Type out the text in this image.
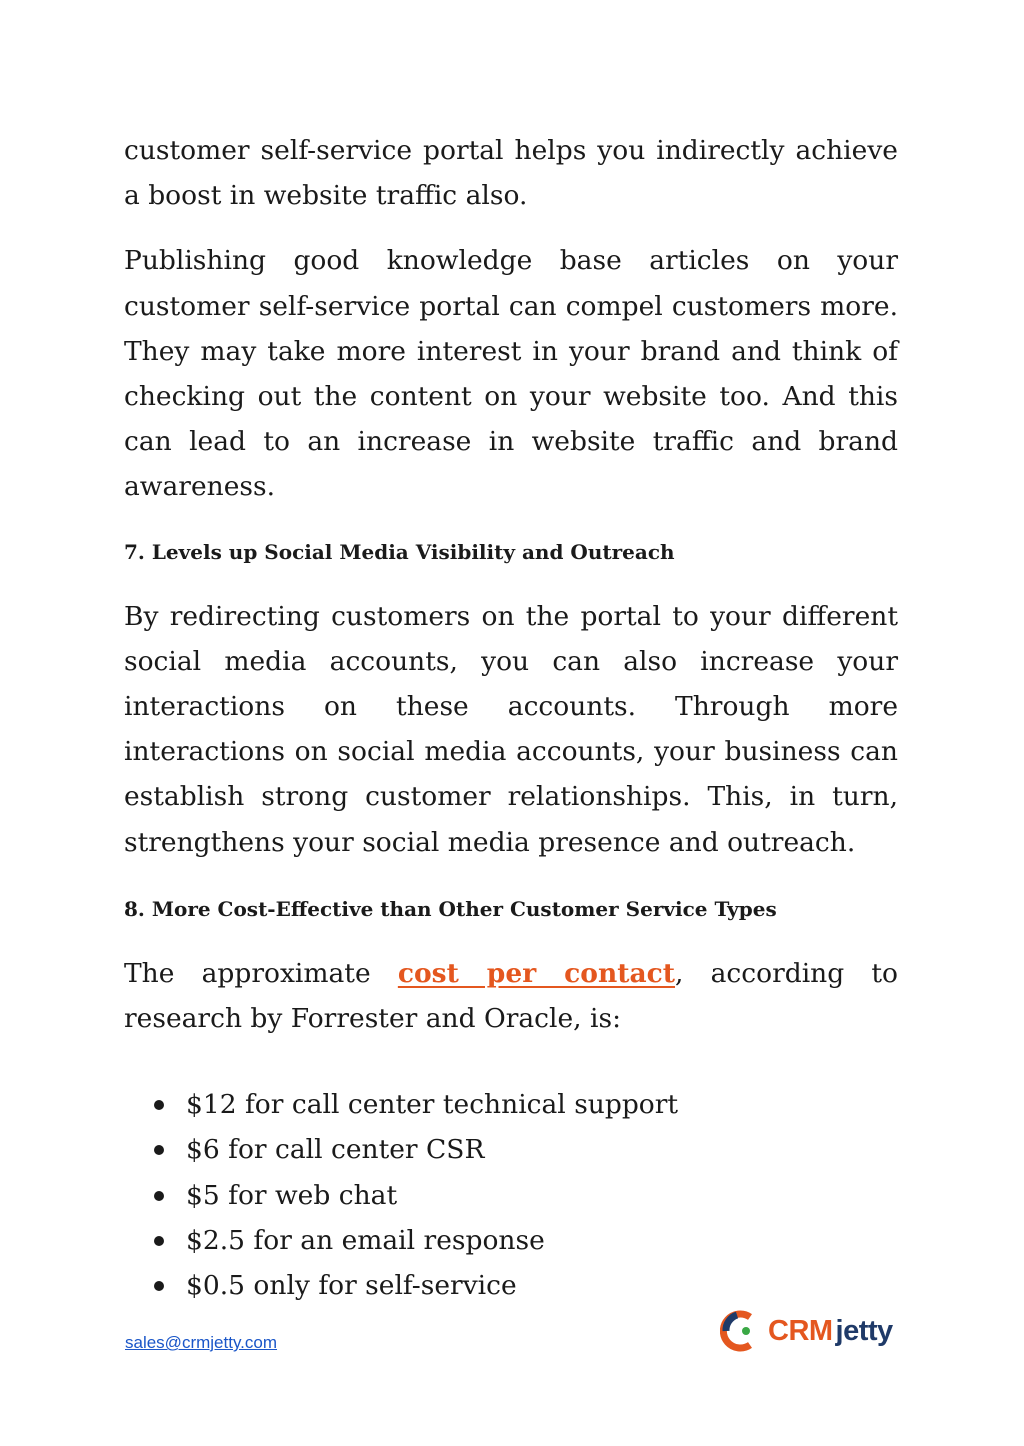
customer self-service portal helps you indirectly achieve a boost in website traffic also.

Publishing good knowledge base articles on your customer self-service portal can compel customers more. They may take more interest in your brand and think of checking out the content on your website too. And this can lead to an increase in website traffic and brand awareness.

7. Levels up Social Media Visibility and Outreach

By redirecting customers on the portal to your different social media accounts, you can also increase your interactions on these accounts. Through more interactions on social media accounts, your business can establish strong customer relationships. This, in turn, strengthens your social media presence and outreach.

8. More Cost-Effective than Other Customer Service Types

The approximate cost per contact, according to research by Forrester and Oracle, is:

$12 for call center technical support
$6 for call center CSR
$5 for web chat
$2.5 for an email response
$0.5 only for self-service
sales@crmjetty.com	CRM jetty
